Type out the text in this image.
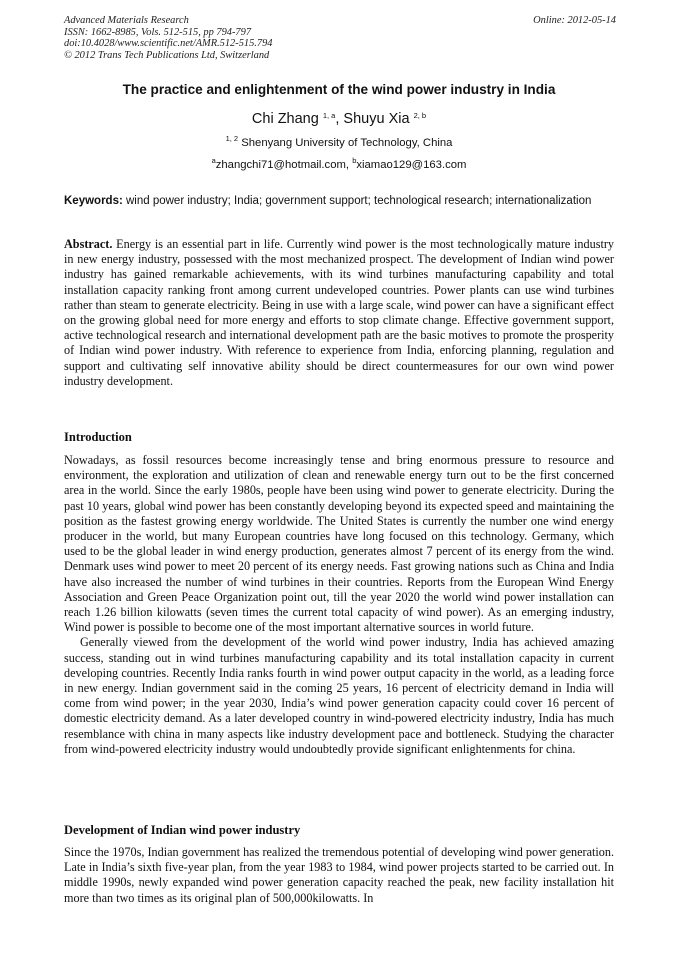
Advanced Materials Research
ISSN: 1662-8985, Vols. 512-515, pp 794-797
doi:10.4028/www.scientific.net/AMR.512-515.794
© 2012 Trans Tech Publications Ltd, Switzerland
Online: 2012-05-14
The practice and enlightenment of the wind power industry in India
Chi Zhang $^{1, a}$, Shuyu Xia $^{2, b}$
$^{1, 2}$ Shenyang University of Technology, China
$^a$zhangchi71@hotmail.com, $^b$xiamao129@163.com
Keywords: wind power industry; India; government support; technological research; internationalization
Abstract. Energy is an essential part in life. Currently wind power is the most technologically mature industry in new energy industry, possessed with the most mechanized prospect. The development of Indian wind power industry has gained remarkable achievements, with its wind turbines manufacturing capability and total installation capacity ranking front among current undeveloped countries. Power plants can use wind turbines rather than steam to generate electricity. Being in use with a large scale, wind power can have a significant effect on the growing global need for more energy and efforts to stop climate change. Effective government support, active technological research and international development path are the basic motives to promote the prosperity of Indian wind power industry. With reference to experience from India, enforcing planning, regulation and support and cultivating self innovative ability should be direct countermeasures for our own wind power industry development.
Introduction

Nowadays, as fossil resources become increasingly tense and bring enormous pressure to resource and environment, the exploration and utilization of clean and renewable energy turn out to be the first concerned area in the world. Since the early 1980s, people have been using wind power to generate electricity. During the past 10 years, global wind power has been constantly developing beyond its expected speed and maintaining the position as the fastest growing energy worldwide. The United States is currently the number one wind energy producer in the world, but many European countries have long focused on this technology. Germany, which used to be the global leader in wind energy production, generates almost 7 percent of its energy from the wind. Denmark uses wind power to meet 20 percent of its energy needs. Fast growing nations such as China and India have also increased the number of wind turbines in their countries. Reports from the European Wind Energy Association and Green Peace Organization point out, till the year 2020 the world wind power installation can reach 1.26 billion kilowatts (seven times the current total capacity of wind power). As an emerging industry, Wind power is possible to become one of the most important alternative sources in world future.

Generally viewed from the development of the world wind power industry, India has achieved amazing success, standing out in wind turbines manufacturing capability and its total installation capacity in current developing countries. Recently India ranks fourth in wind power output capacity in the world, as a leading force in new energy. Indian government said in the coming 25 years, 16 percent of electricity demand in India will come from wind power; in the year 2030, India’s wind power generation capacity could cover 16 percent of domestic electricity demand. As a later developed country in wind-powered electricity industry, India has much resemblance with china in many aspects like industry development pace and bottleneck. Studying the character from wind-powered electricity industry would undoubtedly provide significant enlightenments for china.

Development of Indian wind power industry

Since the 1970s, Indian government has realized the tremendous potential of developing wind power generation. Late in India’s sixth five-year plan, from the year 1983 to 1984, wind power projects started to be carried out. In middle 1990s, newly expanded wind power generation capacity reached the peak, new facility installation hit more than two times as its original plan of 500,000kilowatts. In
